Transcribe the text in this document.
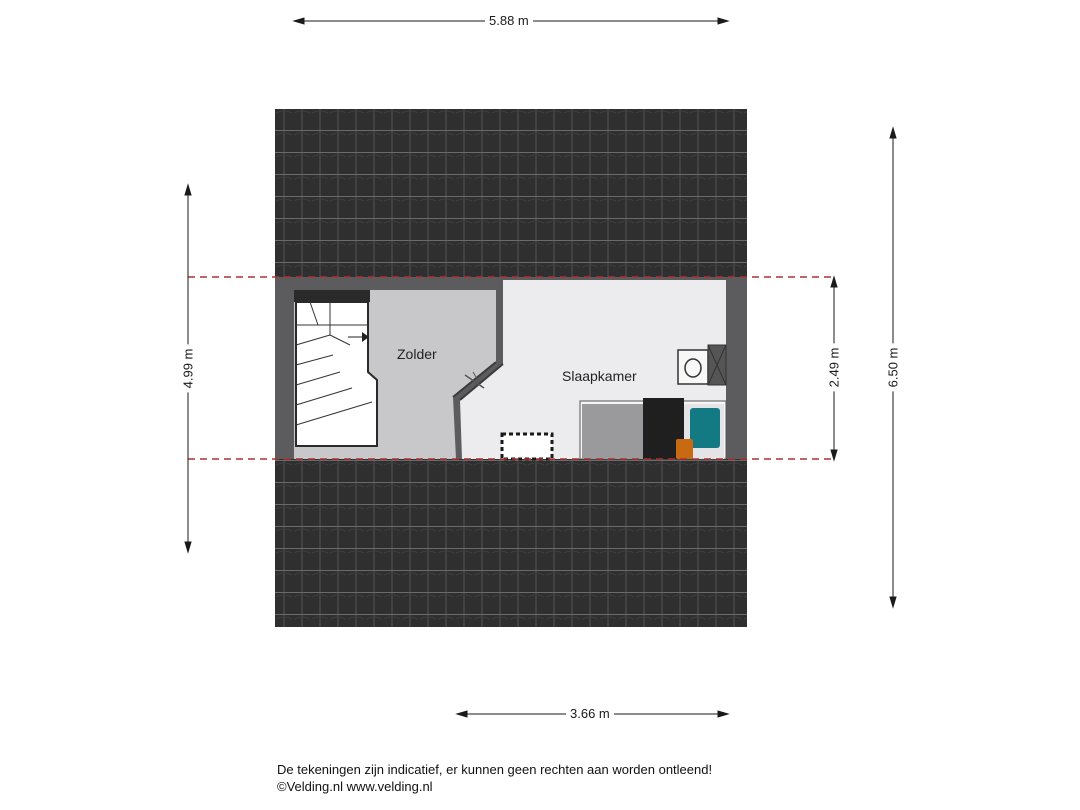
5.88 m
3.66 m
4.99 m	2.49 m	6.50 m
Zolder
Slaapkamer
De tekeningen zijn indicatief, er kunnen geen rechten aan worden ontleend!
©Velding.nl www.velding.nl
